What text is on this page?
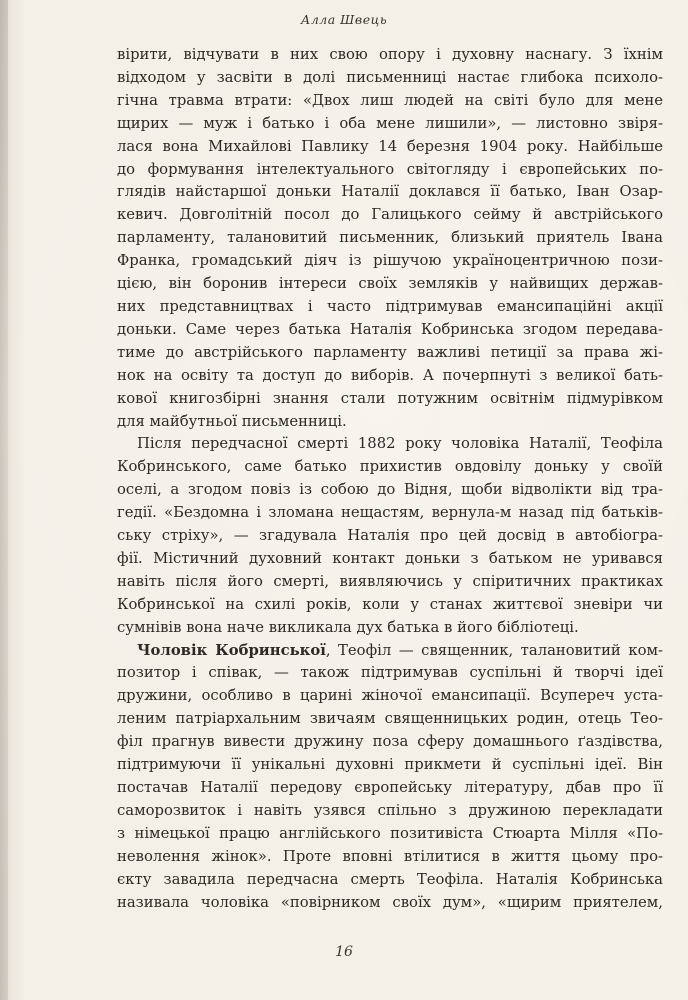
Алла Швець

вірити, відчувати в них свою опору і духовну наснагу. З їхнім
відходом у засвіти в долі письменниці настає глибока психоло-
гічна травма втрати: «Двох лиш людей на світі було для мене
щирих — муж і батько і оба мене лишили», — листовно звіря-
лася вона Михайлові Павлику 14 березня 1904 року. Найбільше
до формування інтелектуального світогляду і європейських по-
глядів найстаршої доньки Наталії доклався її батько, Іван Озар-
кевич. Довголітній посол до Галицького сейму й австрійського
парламенту, талановитий письменник, близький приятель Івана
Франка, громадський діяч із рішучою україноцентричною пози-
цією, він боронив інтереси своїх земляків у найвищих держав-
них представництвах і часто підтримував еманcипаційні акції
доньки. Саме через батька Наталія Кобринська згодом передава-
тиме до австрійського парламенту важливі петиції за права жі-
нок на освіту та доступ до виборів. А почерпнуті з великої бать-
кової книгозбірні знання стали потужним освітнім підмурівком
для майбутньої письменниці.

Після передчасної смерті 1882 року чоловіка Наталії, Теофіла
Кобринського, саме батько прихистив овдовілу доньку у своїй
оселі, а згодом повіз із собою до Відня, щоби відволікти від тра-
гедії. «Бездомна і зломана нещастям, вернула-м назад під батьків-
ську стріху», — згадувала Наталія про цей досвід в автобіогра-
фії. Містичний духовний контакт доньки з батьком не уривався
навіть після його смерті, виявляючись у спіритичних практиках
Кобринської на схилі років, коли у станах життєвої зневіри чи
сумнівів вона наче викликала дух батька в його бібліотеці.

Чоловік Кобринської, Теофіл — священник, талановитий ком-
позитор і співак, — також підтримував суспільні й творчі ідеї
дружини, особливо в царині жіночої еманcипації. Всупереч уста-
леним патріархальним звичаям священницьких родин, отець Тео-
філ прагнув вивести дружину поза сферу домашнього ґаздівства,
підтримуючи її унікальні духовні прикмети й суспільні ідеї. Він
постачав Наталії передову європейську літературу, дбав про її
саморозвиток і навіть узявся спільно з дружиною перекладати
з німецької працю англійського позитивіста Стюарта Мілля «По-
неволення жінок». Проте вповні втілитися в життя цьому про-
єкту завадила передчасна смерть Теофіла. Наталія Кобринська
називала чоловіка «повірником своїх дум», «щирим приятелем,

16
